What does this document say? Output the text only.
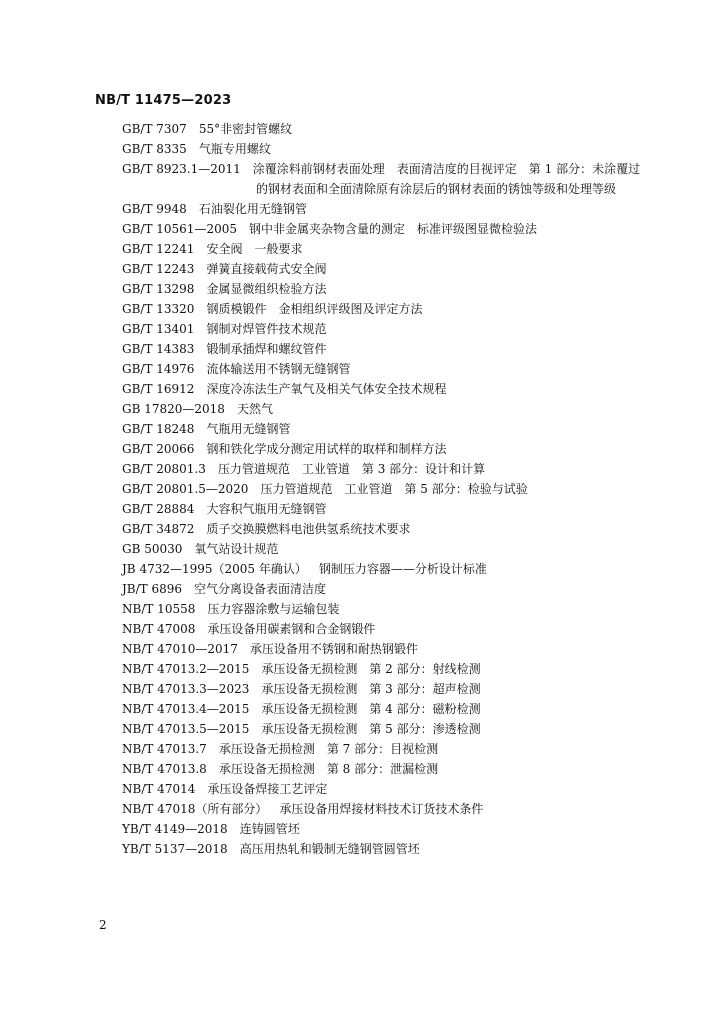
NB/T 11475—2023
GB/T 7307 55°非密封管螺纹
GB/T 8335 气瓶专用螺纹
GB/T 8923.1—2011 涂覆涂料前钢材表面处理　表面清洁度的目视评定　第 1 部分：未涂覆过
的钢材表面和全面清除原有涂层后的钢材表面的锈蚀等级和处理等级
GB/T 9948 石油裂化用无缝钢管
GB/T 10561—2005 钢中非金属夹杂物含量的测定　标准评级图显微检验法
GB/T 12241 安全阀　一般要求
GB/T 12243 弹簧直接载荷式安全阀
GB/T 13298 金属显微组织检验方法
GB/T 13320 钢质模锻件　金相组织评级图及评定方法
GB/T 13401 钢制对焊管件技术规范
GB/T 14383 锻制承插焊和螺纹管件
GB/T 14976 流体输送用不锈钢无缝钢管
GB/T 16912 深度冷冻法生产氧气及相关气体安全技术规程
GB 17820—2018 天然气
GB/T 18248 气瓶用无缝钢管
GB/T 20066 钢和铁化学成分测定用试样的取样和制样方法
GB/T 20801.3 压力管道规范　工业管道　第 3 部分：设计和计算
GB/T 20801.5—2020 压力管道规范　工业管道　第 5 部分：检验与试验
GB/T 28884 大容积气瓶用无缝钢管
GB/T 34872 质子交换膜燃料电池供氢系统技术要求
GB 50030 氧气站设计规范
JB 4732—1995（2005 年确认） 钢制压力容器——分析设计标准
JB/T 6896 空气分离设备表面清洁度
NB/T 10558 压力容器涂敷与运输包装
NB/T 47008 承压设备用碳素钢和合金钢锻件
NB/T 47010—2017 承压设备用不锈钢和耐热钢锻件
NB/T 47013.2—2015 承压设备无损检测　第 2 部分：射线检测
NB/T 47013.3—2023 承压设备无损检测　第 3 部分：超声检测
NB/T 47013.4—2015 承压设备无损检测　第 4 部分：磁粉检测
NB/T 47013.5—2015 承压设备无损检测　第 5 部分：渗透检测
NB/T 47013.7 承压设备无损检测　第 7 部分：目视检测
NB/T 47013.8 承压设备无损检测　第 8 部分：泄漏检测
NB/T 47014 承压设备焊接工艺评定
NB/T 47018（所有部分） 承压设备用焊接材料技术订货技术条件
YB/T 4149—2018 连铸圆管坯
YB/T 5137—2018 高压用热轧和锻制无缝钢管圆管坯
2
